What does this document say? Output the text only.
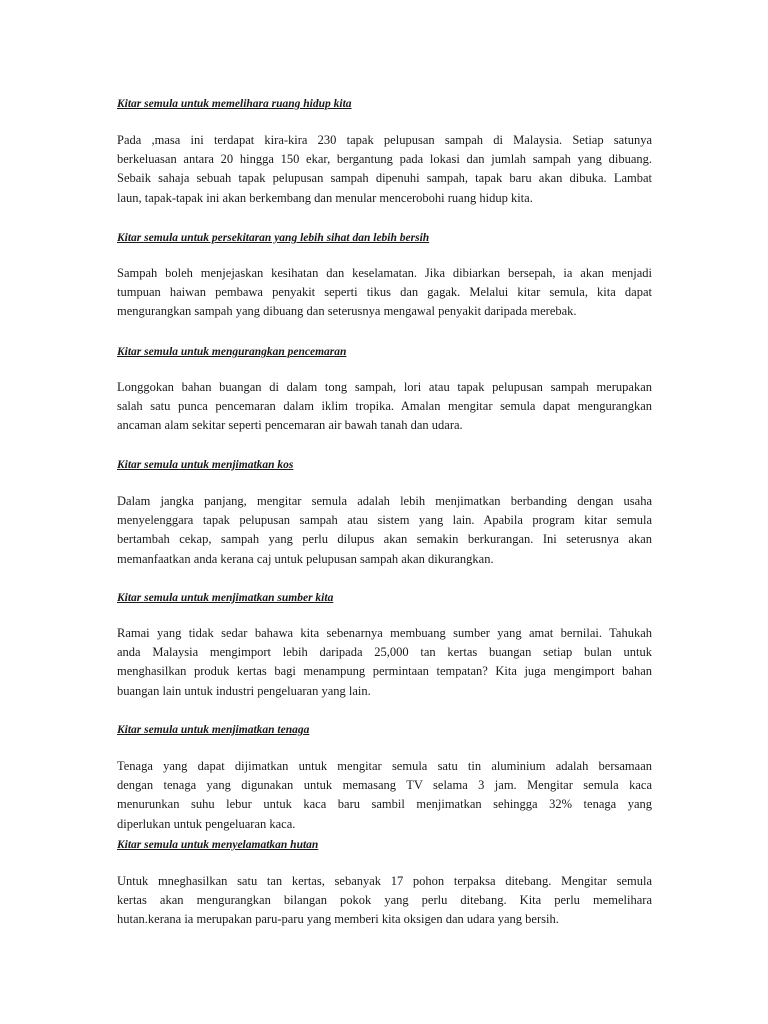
Kitar semula untuk memelihara ruang hidup kita
Pada ,masa ini terdapat kira-kira 230 tapak pelupusan sampah di Malaysia. Setiap satunya
berkeluasan antara 20 hingga 150 ekar, bergantung pada lokasi dan jumlah sampah yang dibuang.
Sebaik sahaja sebuah tapak pelupusan sampah dipenuhi sampah, tapak baru akan dibuka. Lambat
laun, tapak-tapak ini akan berkembang dan menular mencerobohi ruang hidup kita.
Kitar semula untuk persekitaran yang lebih sihat dan lebih bersih
Sampah boleh menjejaskan kesihatan dan keselamatan. Jika dibiarkan bersepah, ia akan menjadi
tumpuan haiwan pembawa penyakit seperti tikus dan gagak. Melalui kitar semula, kita dapat
mengurangkan sampah yang dibuang dan seterusnya mengawal penyakit daripada merebak.
Kitar semula untuk mengurangkan pencemaran
Longgokan bahan buangan di dalam tong sampah, lori atau tapak pelupusan sampah merupakan
salah satu punca pencemaran dalam iklim tropika. Amalan mengitar semula dapat mengurangkan
ancaman alam sekitar seperti pencemaran air bawah tanah dan udara.
Kitar semula untuk menjimatkan kos
Dalam jangka panjang, mengitar semula adalah lebih menjimatkan berbanding dengan usaha
menyelenggara tapak pelupusan sampah atau sistem yang lain. Apabila program kitar semula
bertambah cekap, sampah yang perlu dilupus akan semakin berkurangan. Ini seterusnya akan
memanfaatkan anda kerana caj untuk pelupusan sampah akan dikurangkan.
Kitar semula untuk menjimatkan sumber kita
Ramai yang tidak sedar bahawa kita sebenarnya membuang sumber yang amat bernilai. Tahukah
anda Malaysia mengimport lebih daripada 25,000 tan kertas buangan setiap bulan untuk
menghasilkan produk kertas bagi menampung permintaan tempatan? Kita juga mengimport bahan
buangan lain untuk industri pengeluaran yang lain.
Kitar semula untuk menjimatkan tenaga
Tenaga yang dapat dijimatkan untuk mengitar semula satu tin aluminium adalah bersamaan
dengan tenaga yang digunakan untuk memasang TV selama 3 jam. Mengitar semula kaca
menurunkan suhu lebur untuk kaca baru sambil menjimatkan sehingga 32% tenaga yang
diperlukan untuk pengeluaran kaca.
Kitar semula untuk menyelamatkan hutan
Untuk mneghasilkan satu tan kertas, sebanyak 17 pohon terpaksa ditebang. Mengitar semula
kertas akan mengurangkan bilangan pokok yang perlu ditebang. Kita perlu memelihara
hutan.kerana ia merupakan paru-paru yang memberi kita oksigen dan udara yang bersih.
